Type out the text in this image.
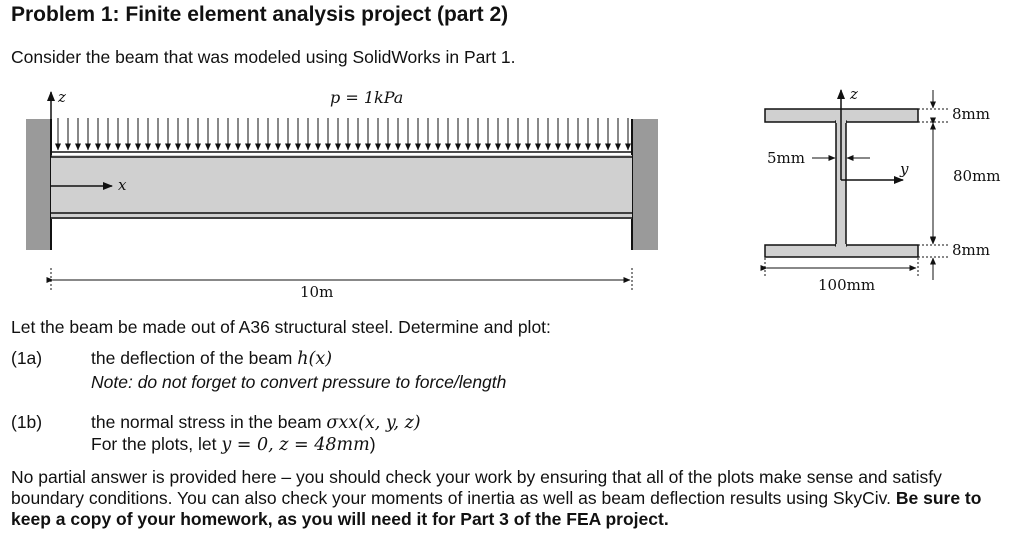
Problem 1: Finite element analysis project (part 2)
Consider the beam that was modeled using SolidWorks in Part 1.
z
x
p = 1kPa
10m
z
y
5mm
8mm
80mm
8mm
100mm
Let the beam be made out of A36 structural steel. Determine and plot:
(1a)	the deflection of the beam h(x)
Note: do not forget to convert pressure to force/length
(1b)	the normal stress in the beam σxx(x, y, z)
For the plots, let y = 0, z = 48mm)
No partial answer is provided here – you should check your work by ensuring that all of the plots make sense and satisfy boundary conditions. You can also check your moments of inertia as well as beam deflection results using SkyCiv. Be sure to keep a copy of your homework, as you will need it for Part 3 of the FEA project.
